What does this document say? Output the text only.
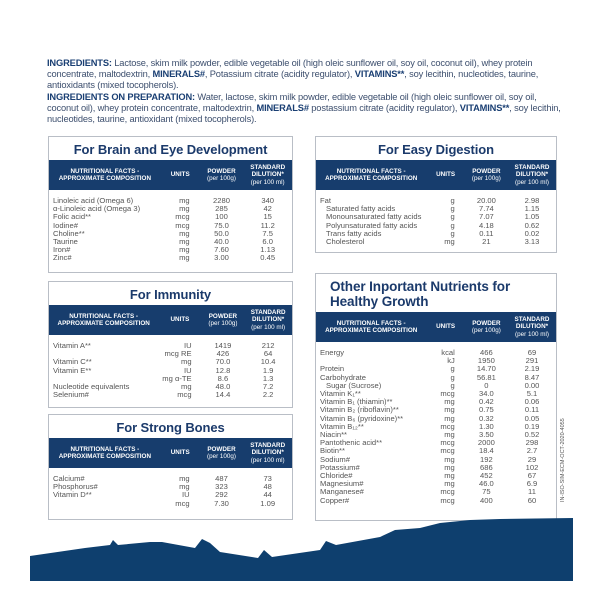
INGREDIENTS: Lactose, skim milk powder, edible vegetable oil (high oleic sunflower oil, soy oil, coconut oil), whey protein concentrate, maltodextrin, MINERALS#, Potassium citrate (acidity regulator), VITAMINS**, soy lecithin, nucleotides, taurine, antioxidants (mixed tocopherols).

INGREDIENTS ON PREPARATION: Water, lactose, skim milk powder, edible vegetable oil (high oleic sunflower oil, soy oil, coconut oil), whey protein concentrate, maltodextrin, MINERALS# postassium citrate (acidity regulator), VITAMINS**, soy lecithin, nucleotides, taurine, antioxidant (mixed tocopherols).

For Brain and Eye Development
NUTRITIONAL FACTS - APPROXIMATE COMPOSITION	UNITS	POWDER
(per 100g)	STANDARD DILUTION*
(per 100 ml)
Linoleic acid (Omega 6)	mg	2280	340
α-Linoleic acid (Omega 3)	mg	285	42
Folic acid**	mcg	100	15
Iodine#	mcg	75.0	11.2
Choline**	mg	50.0	7.5
Taurine	mg	40.0	6.0
Iron#	mg	7.60	1.13
Zinc#	mg	3.00	0.45
For Immunity
NUTRITIONAL FACTS - APPROXIMATE COMPOSITION	UNITS	POWDER
(per 100g)	STANDARD DILUTION*
(per 100 ml)
Vitamin A**	IU	1419	212
	mcg RE	426	64
Vitamin C**	mg	70.0	10.4
Vitamin E**	IU	12.8	1.9
	mg α-TE	8.6	1.3
Nucleotide equivalents	mg	48.0	7.2
Selenium#	mcg	14.4	2.2
For Strong Bones
NUTRITIONAL FACTS - APPROXIMATE COMPOSITION	UNITS	POWDER
(per 100g)	STANDARD DILUTION*
(per 100 ml)
Calcium#	mg	487	73
Phosphorus#	mg	323	48
Vitamin D**	IU	292	44
	mcg	7.30	1.09
For Easy Digestion
NUTRITIONAL FACTS - APPROXIMATE COMPOSITION	UNITS	POWDER
(per 100g)	STANDARD DILUTION*
(per 100 ml)
Fat	g	20.00	2.98
Saturated fatty acids	g	7.74	1.15
Monounsaturated fatty acids	g	7.07	1.05
Polyunsaturated fatty acids	g	4.18	0.62
Trans fatty acids	g	0.11	0.02
Cholesterol	mg	21	3.13
Other Inportant Nutrients for Healthy Growth
NUTRITIONAL FACTS - APPROXIMATE COMPOSITION	UNITS	POWDER
(per 100g)	STANDARD DILUTION*
(per 100 ml)
Energy	kcal	466	69
	kJ	1950	291
Protein	g	14.70	2.19
Carbohydrate	g	56.81	8.47
Sugar (Sucrose)	g	0	0.00
Vitamin K₁**	mcg	34.0	5.1
Vitamin B₁ (thiamin)**	mg	0.42	0.06
Vitamin B₂ (riboflavin)**	mg	0.75	0.11
Vitamin B₆ (pyridoxine)**	mg	0.32	0.05
Vitamin B₁₂**	mcg	1.30	0.19
Niacin**	mg	3.50	0.52
Pantothenic acid**	mcg	2000	298
Biotin**	mcg	18.4	2.7
Sodium#	mg	192	29
Potassium#	mg	686	102
Chloride#	mg	452	67
Magnesium#	mg	46.0	6.9
Manganese#	mcg	75	11
Copper#	mcg	400	60	IN-ISO-SIM-ECM-OCT-2020-4055
